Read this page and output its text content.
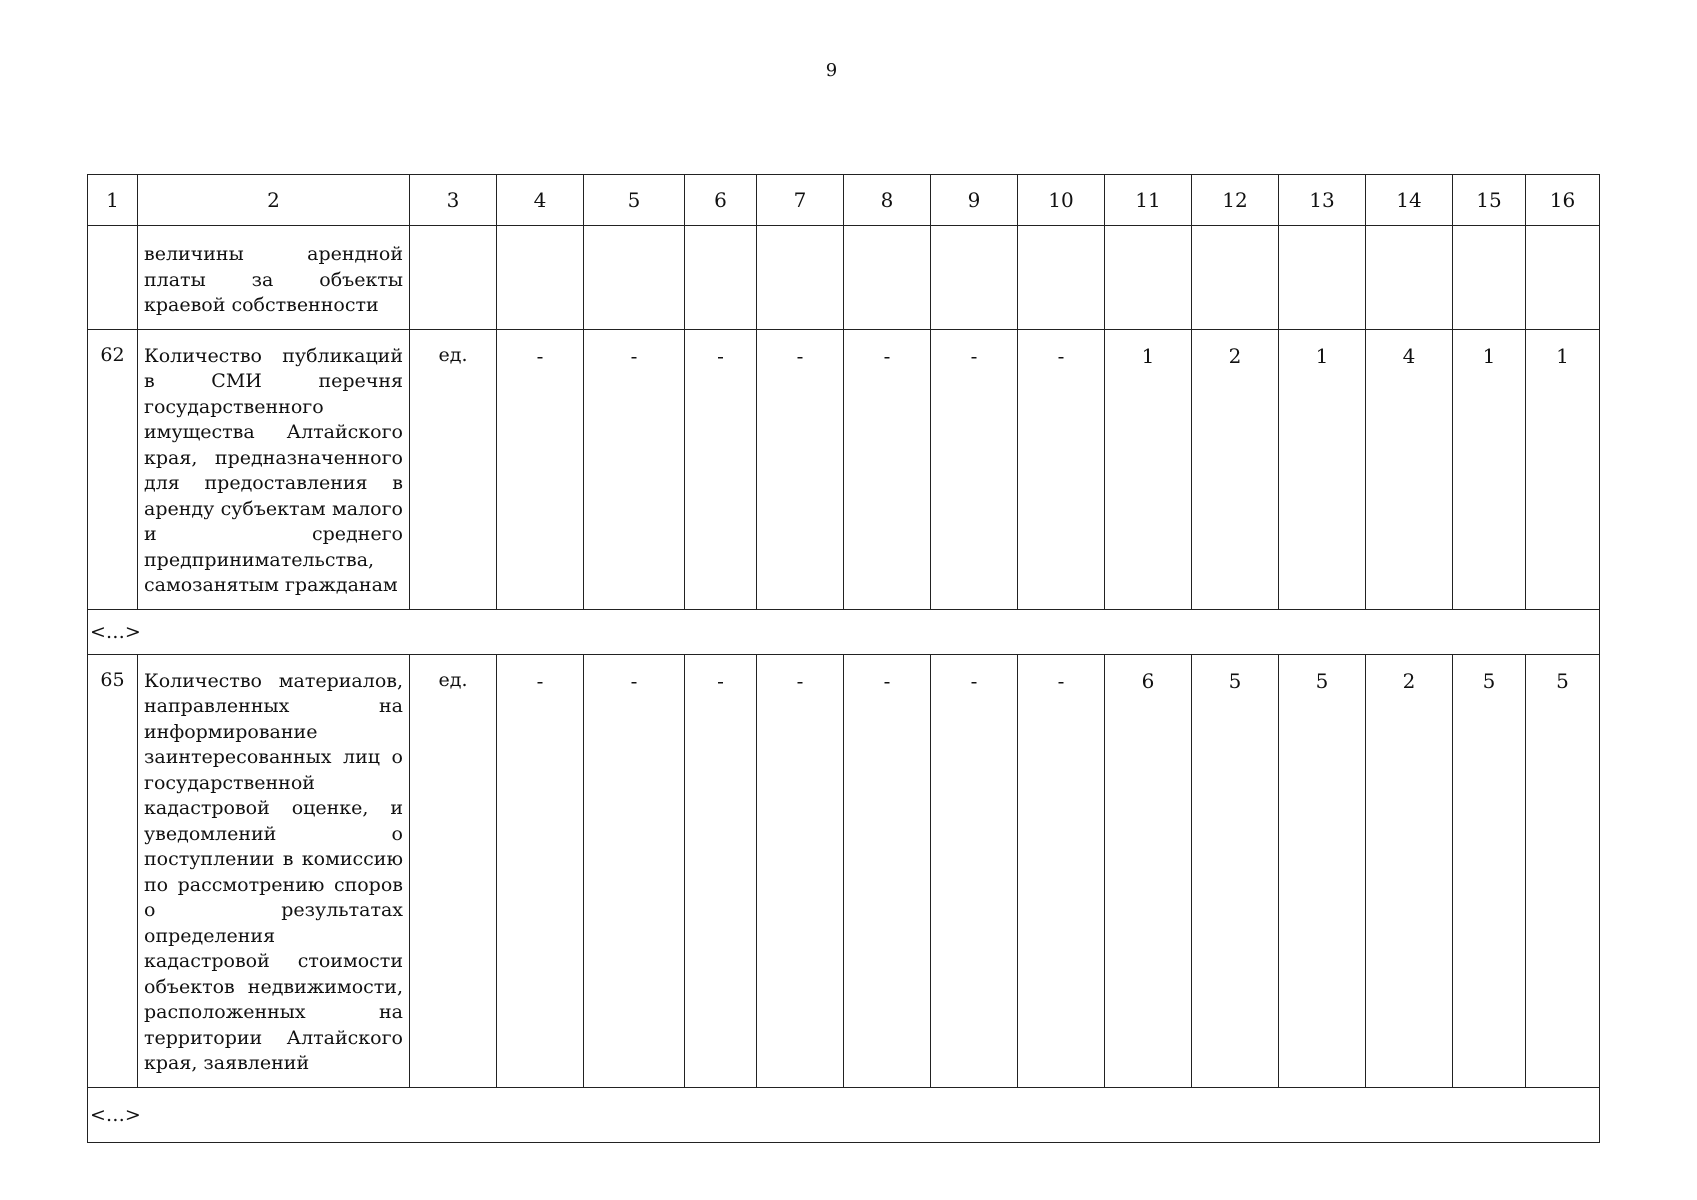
9
1	2	3	4	5	6	7	8	9	10	11	12	13	14	15	16
	величины арендной платы за объекты краевой собственности														
62	Количество публикаций в СМИ перечня государственного имущества Алтайского края, предназначенного для предоставления в аренду субъектам малого и среднего предпринимательства, самозанятым гражданам	ед.	-	-	-	-	-	-	-	1	2	1	4	1	1
<…>															
65	Количество материалов, направленных на информирование заинтересованных лиц о государственной кадастровой оценке, и уведомлений о поступлении в комиссию по рассмотрению споров о результатах определения кадастровой стоимости объектов недвижимости, расположенных на территории Алтайского края, заявлений	ед.	-	-	-	-	-	-	-	6	5	5	2	5	5
<…>															
